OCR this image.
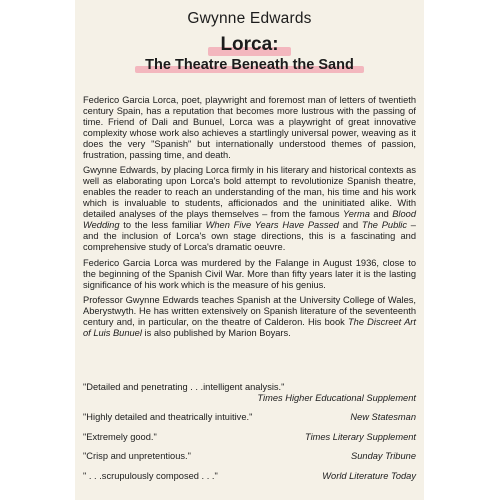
Gwynne Edwards
Lorca:

The Theatre Beneath the Sand

Federico Garcia Lorca, poet, playwright and foremost man of letters of twentieth century Spain, has a reputation that becomes more lustrous with the passing of time. Friend of Dali and Bunuel, Lorca was a playwright of great innovative complexity whose work also achieves a startlingly universal power, weaving as it does the very "Spanish" but internationally understood themes of passion, frustration, passing time, and death.

Gwynne Edwards, by placing Lorca firmly in his literary and historical contexts as well as elaborating upon Lorca's bold attempt to revolutionize Spanish theatre, enables the reader to reach an understanding of the man, his time and his work which is invaluable to students, afficionados and the uninitiated alike. With detailed analyses of the plays themselves – from the famous Yerma and Blood Wedding to the less familiar When Five Years Have Passed and The Public – and the inclusion of Lorca's own stage directions, this is a fascinating and comprehensive study of Lorca's dramatic oeuvre.

Federico Garcia Lorca was murdered by the Falange in August 1936, close to the beginning of the Spanish Civil War. More than fifty years later it is the lasting significance of his work which is the measure of his genius.

Professor Gwynne Edwards teaches Spanish at the University College of Wales, Aberystwyth. He has written extensively on Spanish literature of the seventeenth century and, in particular, on the theatre of Calderon. His book The Discreet Art of Luis Bunuel is also published by Marion Boyars.

"Detailed and penetrating . . .intelligent analysis."
Times Higher Educational Supplement
"Highly detailed and theatrically intuitive."	New Statesman
"Extremely good."	Times Literary Supplement
"Crisp and unpretentious."	Sunday Tribune
" . . .scrupulously composed . . ."	World Literature Today
